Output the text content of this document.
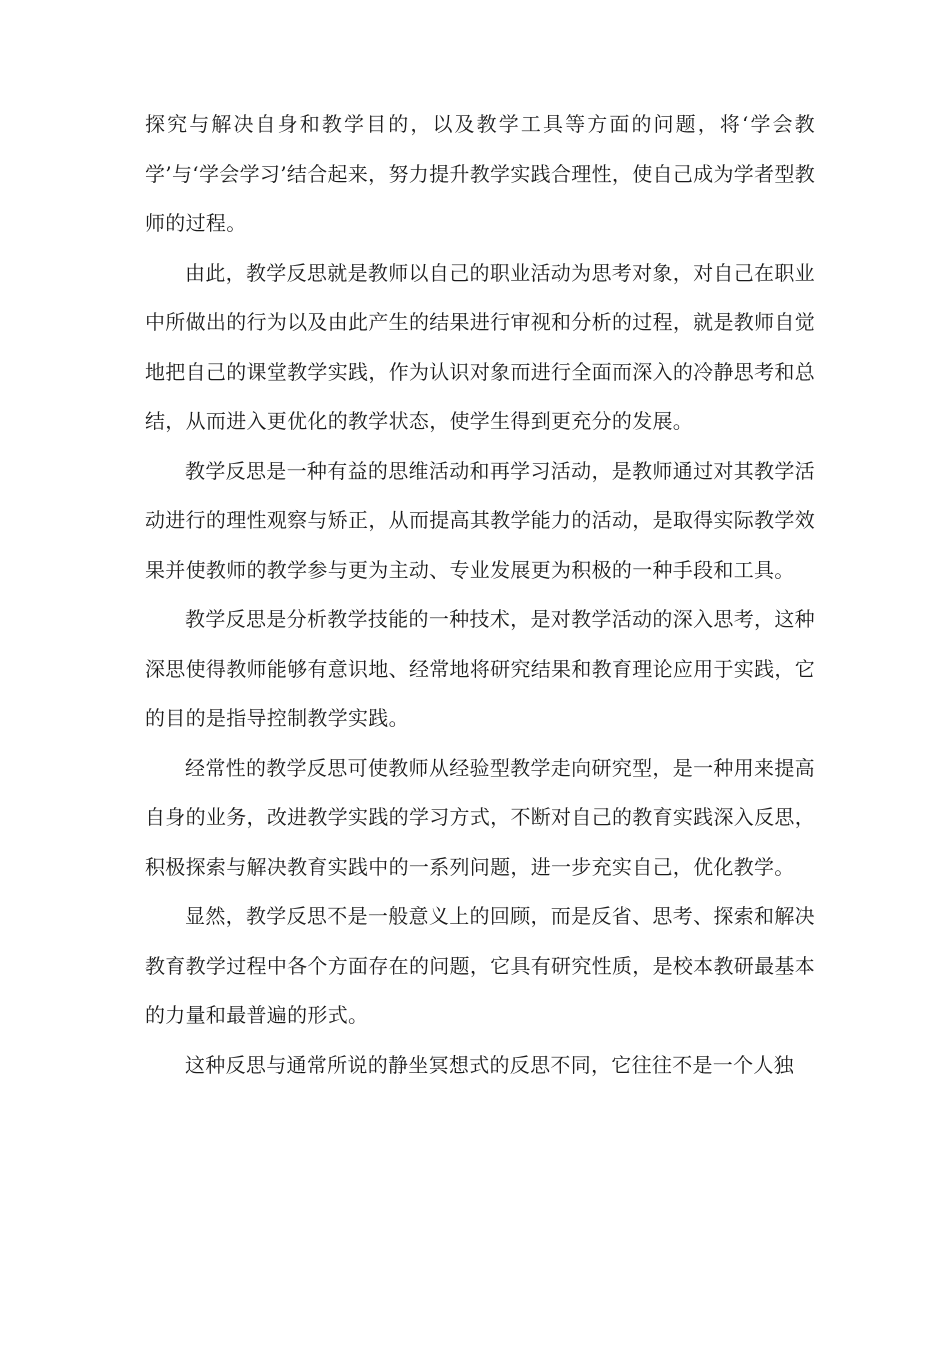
探究与解决自身和教学目的，以及教学工具等方面的问题，将‘学会教学’与‘学会学习’结合起来，努力提升教学实践合理性，使自己成为学者型教师的过程。

由此，教学反思就是教师以自己的职业活动为思考对象，对自己在职业中所做出的行为以及由此产生的结果进行审视和分析的过程，就是教师自觉地把自己的课堂教学实践，作为认识对象而进行全面而深入的冷静思考和总结，从而进入更优化的教学状态，使学生得到更充分的发展。

教学反思是一种有益的思维活动和再学习活动，是教师通过对其教学活动进行的理性观察与矫正，从而提高其教学能力的活动，是取得实际教学效果并使教师的教学参与更为主动、专业发展更为积极的一种手段和工具。

教学反思是分析教学技能的一种技术，是对教学活动的深入思考，这种深思使得教师能够有意识地、经常地将研究结果和教育理论应用于实践，它的目的是指导控制教学实践。

经常性的教学反思可使教师从经验型教学走向研究型，是一种用来提高自身的业务，改进教学实践的学习方式，不断对自己的教育实践深入反思，积极探索与解决教育实践中的一系列问题，进一步充实自己，优化教学。

显然，教学反思不是一般意义上的回顾，而是反省、思考、探索和解决教育教学过程中各个方面存在的问题，它具有研究性质，是校本教研最基本的力量和最普遍的形式。

这种反思与通常所说的静坐冥想式的反思不同，它往往不是一个人独
